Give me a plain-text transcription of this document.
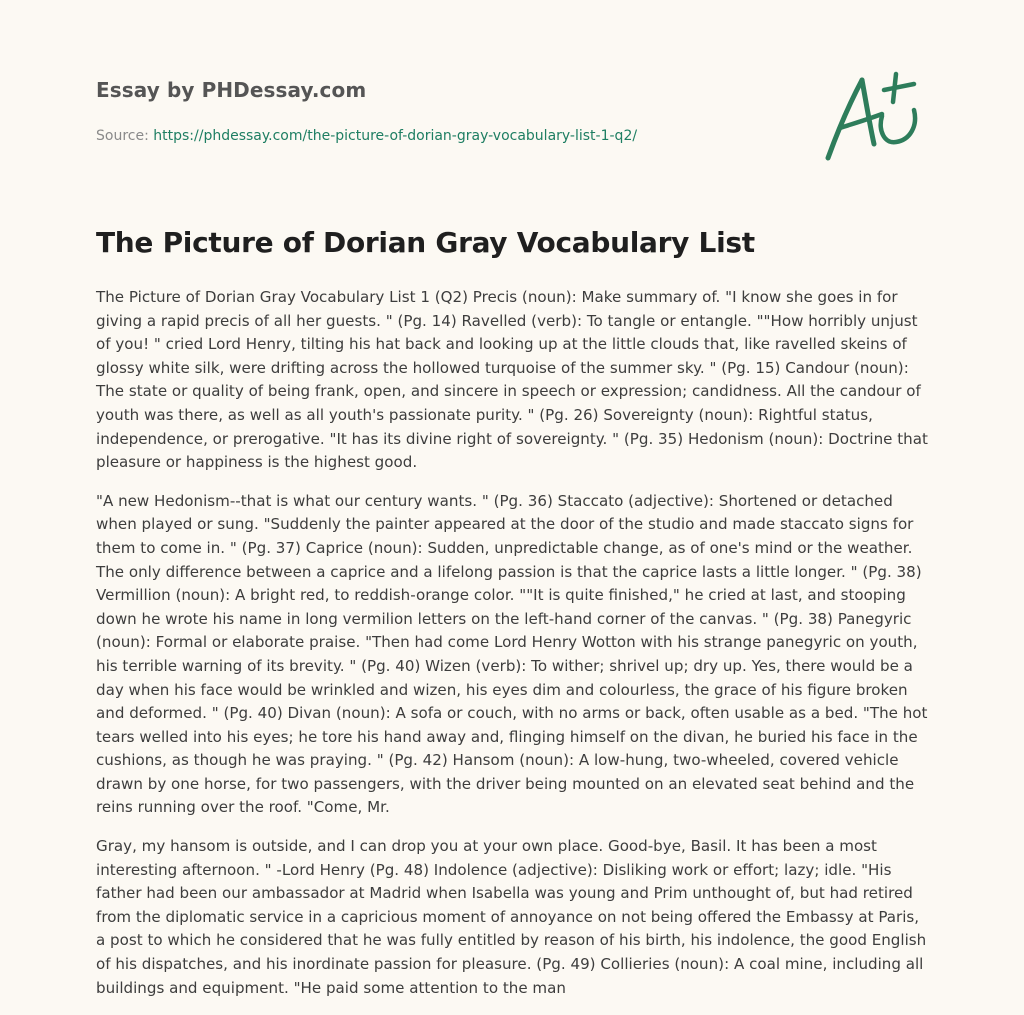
Essay by PHDessay.com
Source: https://phdessay.com/the-picture-of-dorian-gray-vocabulary-list-1-q2/
The Picture of Dorian Gray Vocabulary List

The Picture of Dorian Gray Vocabulary List 1 (Q2) Precis (noun): Make summary of. "I know she goes in for giving a rapid precis of all her guests. " (Pg. 14) Ravelled (verb): To tangle or entangle. ""How horribly unjust of you! " cried Lord Henry, tilting his hat back and looking up at the little clouds that, like ravelled skeins of glossy white silk, were drifting across the hollowed turquoise of the summer sky. " (Pg. 15) Candour (noun): The state or quality of being frank, open, and sincere in speech or expression; candidness. All the candour of youth was there, as well as all youth's passionate purity. " (Pg. 26) Sovereignty (noun): Rightful status, independence, or prerogative. "It has its divine right of sovereignty. " (Pg. 35) Hedonism (noun): Doctrine that pleasure or happiness is the highest good.

"A new Hedonism--that is what our century wants. " (Pg. 36) Staccato (adjective): Shortened or detached when played or sung. "Suddenly the painter appeared at the door of the studio and made staccato signs for them to come in. " (Pg. 37) Caprice (noun): Sudden, unpredictable change, as of one's mind or the weather. The only difference between a caprice and a lifelong passion is that the caprice lasts a little longer. " (Pg. 38) Vermillion (noun): A bright red, to reddish-orange color. ""It is quite finished," he cried at last, and stooping down he wrote his name in long vermilion letters on the left-hand corner of the canvas. " (Pg. 38) Panegyric (noun): Formal or elaborate praise. "Then had come Lord Henry Wotton with his strange panegyric on youth, his terrible warning of its brevity. " (Pg. 40) Wizen (verb): To wither; shrivel up; dry up. Yes, there would be a day when his face would be wrinkled and wizen, his eyes dim and colourless, the grace of his figure broken and deformed. " (Pg. 40) Divan (noun): A sofa or couch, with no arms or back, often usable as a bed. "The hot tears welled into his eyes; he tore his hand away and, flinging himself on the divan, he buried his face in the cushions, as though he was praying. " (Pg. 42) Hansom (noun): A low-hung, two-wheeled, covered vehicle drawn by one horse, for two passengers, with the driver being mounted on an elevated seat behind and the reins running over the roof. "Come, Mr.

Gray, my hansom is outside, and I can drop you at your own place. Good-bye, Basil. It has been a most interesting afternoon. " -Lord Henry (Pg. 48) Indolence (adjective): Disliking work or effort; lazy; idle. "His father had been our ambassador at Madrid when Isabella was young and Prim unthought of, but had retired from the diplomatic service in a capricious moment of annoyance on not being offered the Embassy at Paris, a post to which he considered that he was fully entitled by reason of his birth, his indolence, the good English of his dispatches, and his inordinate passion for pleasure. (Pg. 49) Collieries (noun): A coal mine, including all buildings and equipment. "He paid some attention to the man
